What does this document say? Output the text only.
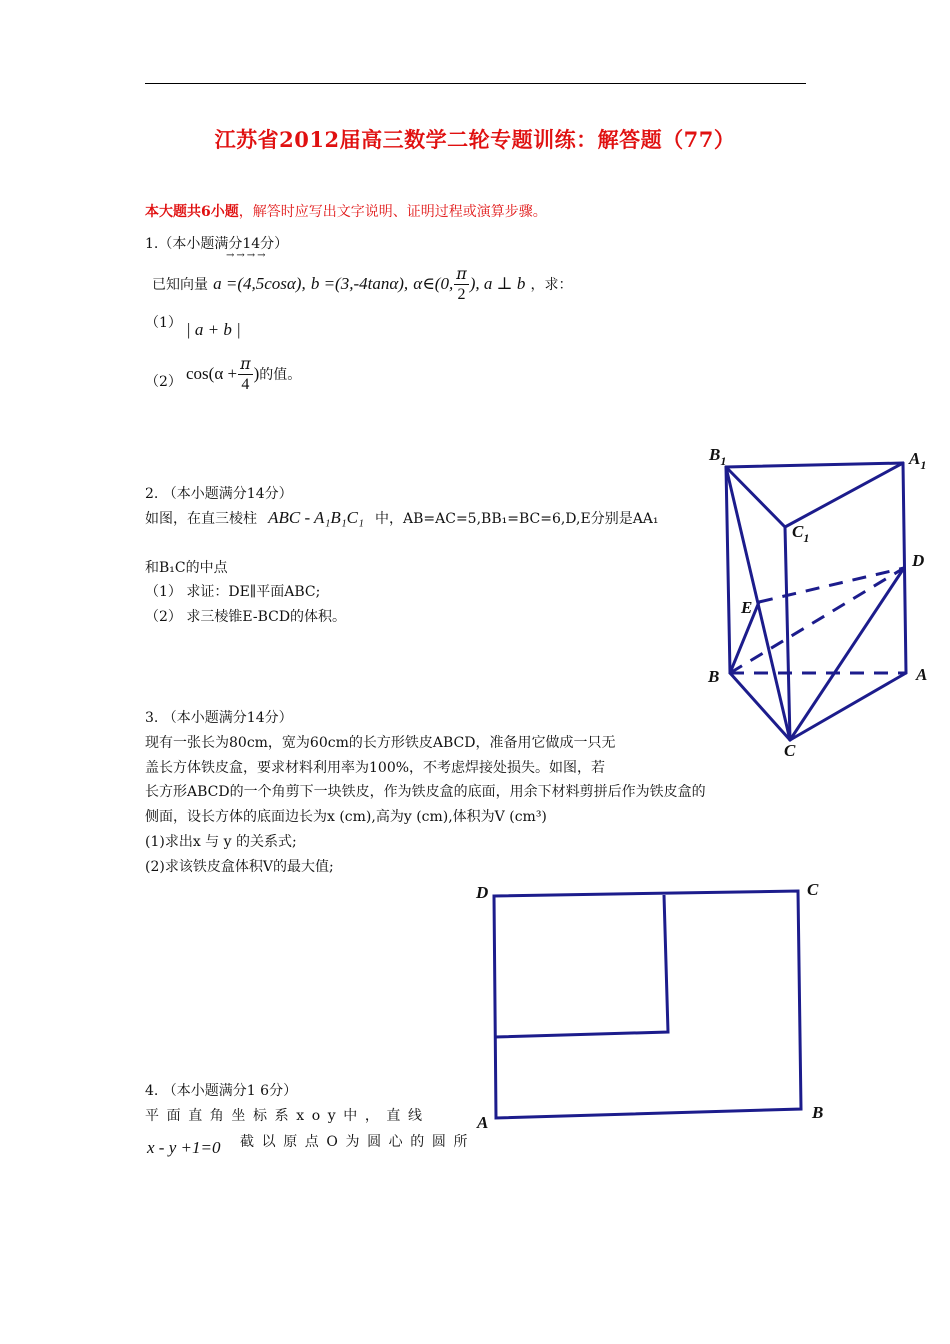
江苏省2012届高三数学二轮专题训练：解答题（77）
本大题共6小题，解答时应写出文字说明、证明过程或演算步骤。
1.（本小题满分14分）
→→→→
已知向量 a =(4,5cosα), b =(3,-4tanα), α∈(0, $\frac{\pi}{2}$ ), a ⊥ b ，求：
（1） | a + b |
（2） $\cos(\alpha + \frac{\pi}{4}$ )的值。
2. （本小题满分14分）
如图，在直三棱柱 ABC - A₁B₁C₁ 中，AB=AC=5,BB₁=BC=6,D,E分别是AA₁
和B₁C的中点
（1） 求证：DE∥平面ABC;
（2） 求三棱锥E-BCD的体积。
$B_1$	$A_1$
$C_1$
D
E
B	A
C
3. （本小题满分14分）
现有一张长为80cm，宽为60cm的长方形铁皮ABCD，准备用它做成一只无
盖长方体铁皮盒，要求材料利用率为100%，不考虑焊接处损失。如图，若
长方形ABCD的一个角剪下一块铁皮，作为铁皮盒的底面，用余下材料剪拼后作为铁皮盒的
侧面，设长方体的底面边长为x (cm),高为y (cm),体积为V (cm³)
(1)求出x 与 y 的关系式;
(2)求该铁皮盒体积V的最大值;
D	C
A
B
4. （本小题满分1 6分）
平面直角坐标系xoy中，直线
x - y +1=0 截以原点O为圆心的圆所
